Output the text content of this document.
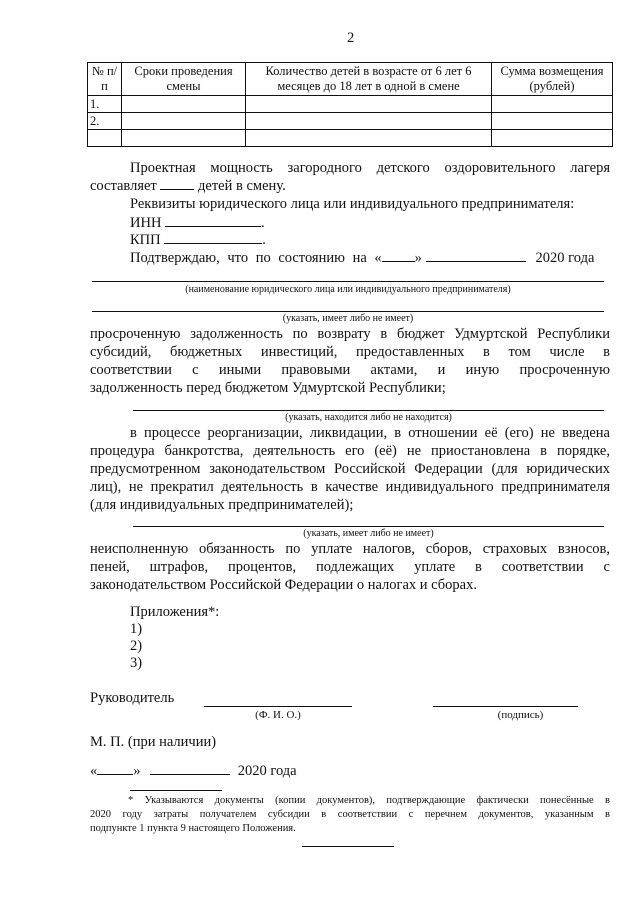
2
№ п/п	Сроки проведения смены	Количество детей в возрасте от 6 лет 6 месяцев до 18 лет в одной в смене	Сумма возмещения (рублей)
1.			
2.			

Проектная мощность загородного детского оздоровительного лагеря
составляет	детей в смену.
Реквизиты юридического лица или индивидуального предпринимателя:
ИНН	.
КПП	.
Подтверждаю, что по состоянию на « »	2020 года
(наименование юридического лица или индивидуального предпринимателя)
(указать, имеет либо не имеет)
просроченную задолженность по возврату в бюджет Удмуртской Республики
субсидий, бюджетных инвестиций, предоставленных в том числе в
соответствии с иными правовыми актами, и иную просроченную
задолженность перед бюджетом Удмуртской Республики;
(указать, находится либо не находится)
в процессе реорганизации, ликвидации, в отношении её (его) не введена
процедура банкротства, деятельность его (её) не приостановлена в порядке,
предусмотренном законодательством Российской Федерации (для юридических
лиц), не прекратил деятельность в качестве индивидуального предпринимателя
(для индивидуальных предпринимателей);
(указать, имеет либо не имеет)
неисполненную обязанность по уплате налогов, сборов, страховых взносов,
пеней, штрафов, процентов, подлежащих уплате в соответствии с
законодательством Российской Федерации о налогах и сборах.
Приложения*:
1)
2)
3)
Руководитель
(Ф. И. О.)	(подпись)
М. П. (при наличии)
« »	2020 года
* Указываются документы (копии документов), подтверждающие фактически понесённые в
2020 году затраты получателем субсидии в соответствии с перечнем документов, указанным в
подпункте 1 пункта 9 настоящего Положения.
